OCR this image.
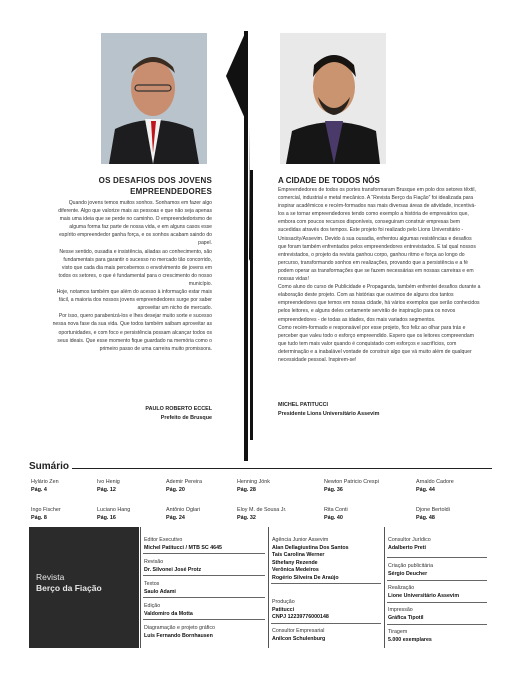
OS DESAFIOS DOS JOVENS
EMPREENDEDORES

Quando jovens temos muitos sonhos. Sonhamos em fazer algo diferente. Algo que valorize mais as pessoas e que não seja apenas mais uma ideia que se perde no caminho. O empreendedorismo de alguma forma faz parte de nossa vida, e em alguns casos esse espírito empreendedor ganha força, e os sonhos acabam saindo do papel.

Nesse sentido, ousadia e insistência, aliadas ao conhecimento, são fundamentais para garantir o sucesso no mercado tão concorrido, visto que cada dia mais percebemos o envolvimento de jovens em todos os setores, o que é fundamental para o crescimento do nosso município.

Hoje, notamos também que além do acesso à informação estar mais fácil, a maioria dos nossos jovens empreendedores surge por saber aproveitar um nicho de mercado.

Por isso, quero parabenizá-los e lhes desejar muito sorte e sucesso nessa nova fase da sua vida. Que todos também saibam aproveitar as oportunidades, e com foco e persistência possam alcançar todos os seus ideais. Que esse momento fique guardado na memória como o primeiro passo de uma carreira muito promissora.

PAULO ROBERTO ECCEL
Prefeito de Brusque
A CIDADE DE TODOS NÓS

Empreendedores de todos os portes transformaram Brusque em polo dos setores têxtil, comercial, industrial e metal mecânico. A “Revista Berço da Fiação” foi idealizada para inspirar acadêmicos e recém-formados nas mais diversas áreas de atividade, incentivá-los a se tornar empreendedores tendo como exemplo a história de empresários que, embora com poucos recursos disponíveis, conseguiram construir empresas bem sucedidas através dos tempos. Este projeto foi realizado pelo Lions Universitário - Unissacity/Assevim. Devido à sua ousadia, enfrentou algumas resistências e desafios que foram também enfrentados pelos empreendedores entrevistados. E tal qual nossos entrevistados, o projeto da revista ganhou corpo, ganhou ritmo e força ao longo do percurso, transformando sonhos em realizações, provando que a persistência e a fé podem operar as transformações que se fazem necessárias em nossas carreiras e em nossas vidas!

Como aluno do curso de Publicidade e Propaganda, também enfrentei desafios durante a elaboração deste projeto. Com as histórias que ouvimos de alguns dos tantos empreendedores que temos em nossa cidade, há vários exemplos que serão conhecidos pelos leitores, e alguns deles certamente servirão de inspiração para os novos empreendedores - de todas as idades, dos mais variados segmentos.

Como recém-formado e responsável por esse projeto, fico feliz ao olhar para trás e perceber que valeu todo o esforço empreendido. Espero que os leitores compreendam que tudo tem mais valor quando é conquistado com esforços e sacrifícios, com determinação e a inabalável vontade de construir algo que vá muito além de qualquer necessidade pessoal. Inspirem-se!

MICHEL PATITUCCI
Presidente Lions Universitário Assevim
Sumário
Hylário Zen
Pág. 4
Ivo Henig
Pág. 12
Ademir Pereira
Pág. 20
Henning Jönk
Pág. 28
Newton Patricio Crespi
Pág. 36
Arnaldo Cadore
Pág. 44
Ingo Fischer
Pág. 8
Luciano Hang
Pág. 16
Antônio Oglari
Pág. 24
Eloy M. de Sousa Jr.
Pág. 32
Rita Conti
Pág. 40
Djone Bertoldi
Pág. 48
Revista
Berço da Fiação
Editor Executivo
Michel Patitucci / MTB SC 4645
Revisão
Dr. Silvonei José Protz
Textos
Saulo Adami
Edição
Valdomiro da Motta
Diagramação e projeto gráfico
Luis Fernando Bornhausen
Agência Junior Assevim
Alan Dellagiustina Dos Santos
Taís Carolina Werner
Sthefany Rezende
Verônica Medeiros
Rogério Silveira De Araújo
Produção
Patitucci
CNPJ 12239776000148
Consultor Empresarial
Anilcon Schulenburg
Consultor Jurídico
Adalberto Preti
Criação publicitária
Sérgio Deucher
Realização
Lione Universitário Assevim
Impressão
Gráfica Tipotil
Tiragem
5.000 exemplares
